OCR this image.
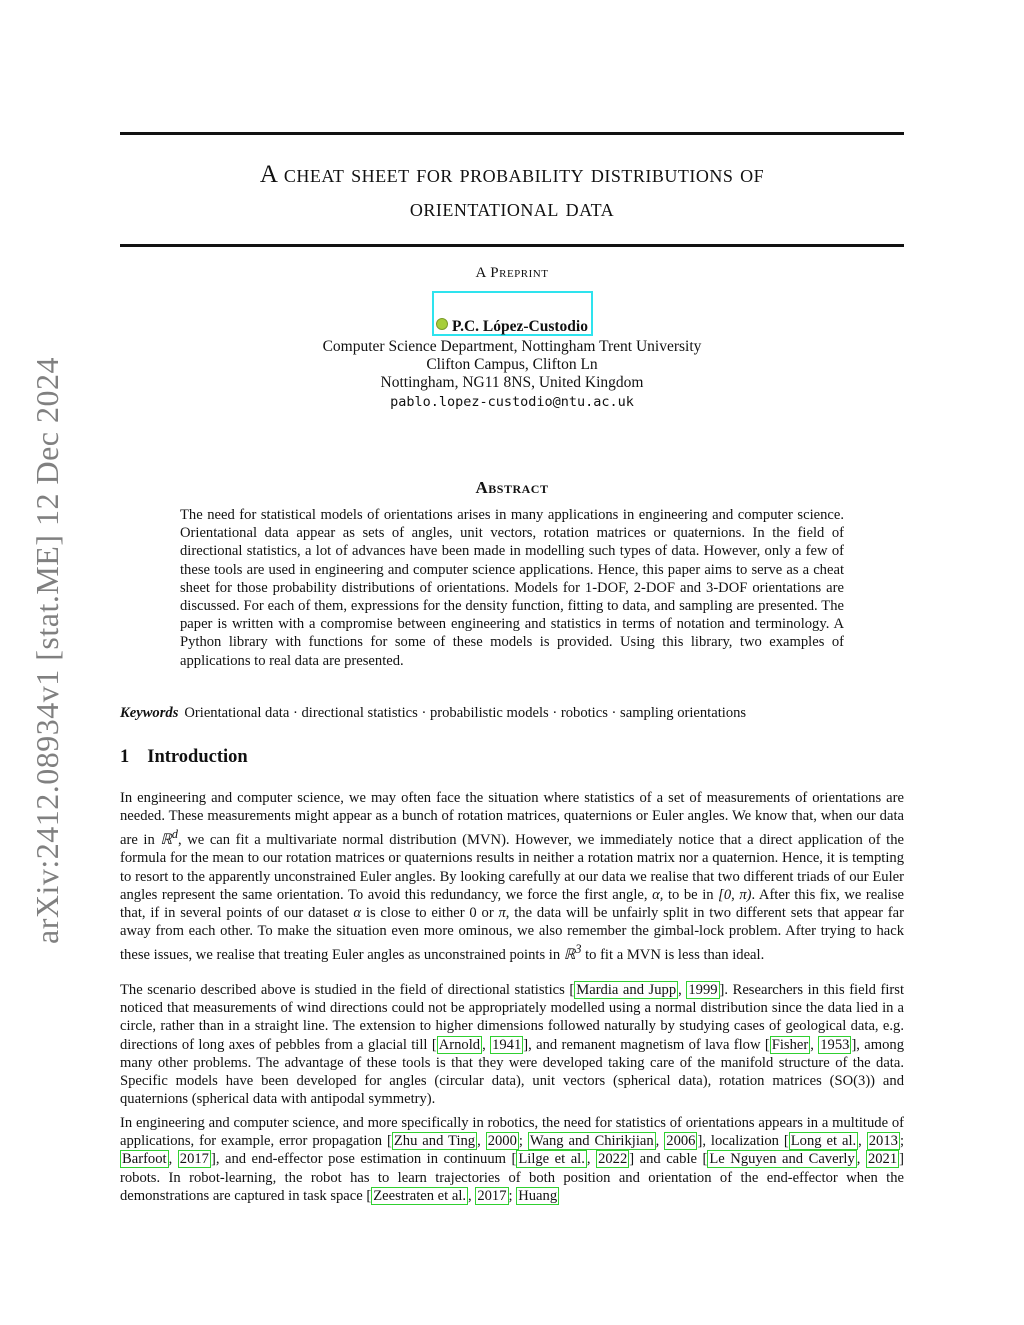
arXiv:2412.08934v1 [stat.ME] 12 Dec 2024
A cheat sheet for probability distributions of
orientational data
A Preprint
P.C. López-Custodio
Computer Science Department, Nottingham Trent University
Clifton Campus, Clifton Ln
Nottingham, NG11 8NS, United Kingdom
pablo.lopez-custodio@ntu.ac.uk
Abstract
The need for statistical models of orientations arises in many applications in engineering and computer science. Orientational data appear as sets of angles, unit vectors, rotation matrices or quaternions. In the field of directional statistics, a lot of advances have been made in modelling such types of data. However, only a few of these tools are used in engineering and computer science applications. Hence, this paper aims to serve as a cheat sheet for those probability distributions of orientations. Models for 1-DOF, 2-DOF and 3-DOF orientations are discussed. For each of them, expressions for the density function, fitting to data, and sampling are presented. The paper is written with a compromise between engineering and statistics in terms of notation and terminology. A Python library with functions for some of these models is provided. Using this library, two examples of applications to real data are presented.
Keywords Orientational data · directional statistics · probabilistic models · robotics · sampling orientations
1 Introduction
In engineering and computer science, we may often face the situation where statistics of a set of measurements of orientations are needed. These measurements might appear as a bunch of rotation matrices, quaternions or Euler angles. We know that, when our data are in ℝ$^d$, we can fit a multivariate normal distribution (MVN). However, we immediately notice that a direct application of the formula for the mean to our rotation matrices or quaternions results in neither a rotation matrix nor a quaternion. Hence, it is tempting to resort to the apparently unconstrained Euler angles. By looking carefully at our data we realise that two different triads of our Euler angles represent the same orientation. To avoid this redundancy, we force the first angle, α, to be in [0, π). After this fix, we realise that, if in several points of our dataset α is close to either 0 or π, the data will be unfairly split in two different sets that appear far away from each other. To make the situation even more ominous, we also remember the gimbal-lock problem. After trying to hack these issues, we realise that treating Euler angles as unconstrained points in ℝ$^3$ to fit a MVN is less than ideal.
The scenario described above is studied in the field of directional statistics [ Mardia and Jupp , 1999 ]. Researchers in this field first noticed that measurements of wind directions could not be appropriately modelled using a normal distribution since the data lied in a circle, rather than in a straight line. The extension to higher dimensions followed naturally by studying cases of geological data, e.g. directions of long axes of pebbles from a glacial till [ Arnold , 1941 ], and remanent magnetism of lava flow [ Fisher , 1953 ], among many other problems. The advantage of these tools is that they were developed taking care of the manifold structure of the data. Specific models have been developed for angles (circular data), unit vectors (spherical data), rotation matrices (SO(3)) and quaternions (spherical data with antipodal symmetry).
In engineering and computer science, and more specifically in robotics, the need for statistics of orientations appears in a multitude of applications, for example, error propagation [ Zhu and Ting , 2000 ; Wang and Chirikjian , 2006 ], localization [ Long et al. , 2013 ; Barfoot , 2017 ], and end-effector pose estimation in continuum [ Lilge et al. , 2022 ] and cable [ Le Nguyen and Caverly , 2021 ] robots. In robot-learning, the robot has to learn trajectories of both position and orientation of the end-effector when the demonstrations are captured in task space [ Zeestraten et al. , 2017 ; Huang
